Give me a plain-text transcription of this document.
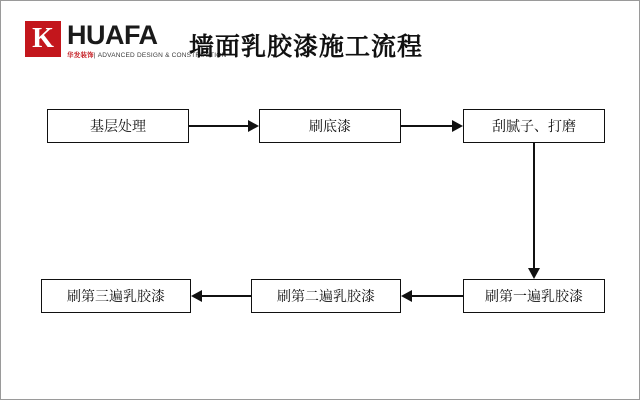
K HUAFA
华发装饰| ADVANCED DESIGN & CONSTRUCTION
墙面乳胶漆施工流程
基层处理	刷底漆	刮腻子、打磨
刷第一遍乳胶漆
刷第二遍乳胶漆
刷第三遍乳胶漆
